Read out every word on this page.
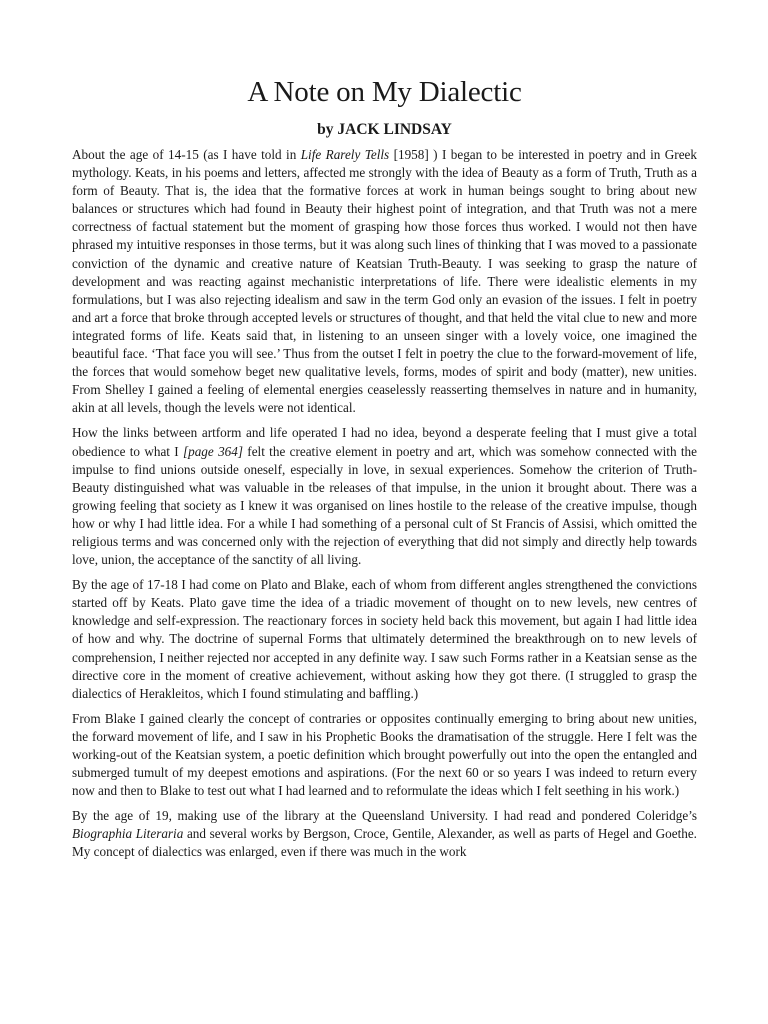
A Note on My Dialectic
by JACK LINDSAY

About the age of 14-15 (as I have told in Life Rarely Tells [1958] ) I began to be interested in poetry and in Greek mythology. Keats, in his poems and letters, affected me strongly with the idea of Beauty as a form of Truth, Truth as a form of Beauty. That is, the idea that the formative forces at work in human beings sought to bring about new balances or structures which had found in Beauty their highest point of integration, and that Truth was not a mere correctness of factual statement but the moment of grasping how those forces thus worked. I would not then have phrased my intuitive responses in those terms, but it was along such lines of thinking that I was moved to a passionate conviction of the dynamic and creative nature of Keatsian Truth-Beauty. I was seeking to grasp the nature of development and was reacting against mechanistic interpretations of life. There were idealistic elements in my formulations, but I was also rejecting idealism and saw in the term God only an evasion of the issues. I felt in poetry and art a force that broke through accepted levels or structures of thought, and that held the vital clue to new and more integrated forms of life. Keats said that, in listening to an unseen singer with a lovely voice, one imagined the beautiful face. ‘That face you will see.’ Thus from the outset I felt in poetry the clue to the forward-movement of life, the forces that would somehow beget new qualitative levels, forms, modes of spirit and body (matter), new unities. From Shelley I gained a feeling of elemental energies ceaselessly reasserting themselves in nature and in humanity, akin at all levels, though the levels were not identical.

How the links between artform and life operated I had no idea, beyond a desperate feeling that I must give a total obedience to what I [page 364] felt the creative element in poetry and art, which was somehow connected with the impulse to find unions outside oneself, especially in love, in sexual experiences. Somehow the criterion of Truth-Beauty distinguished what was valuable in tbe releases of that impulse, in the union it brought about. There was a growing feeling that society as I knew it was organised on lines hostile to the release of the creative impulse, though how or why I had little idea. For a while I had something of a personal cult of St Francis of Assisi, which omitted the religious terms and was concerned only with the rejection of everything that did not simply and directly help towards love, union, the acceptance of the sanctity of all living.

By the age of 17-18 I had come on Plato and Blake, each of whom from different angles strengthened the convictions started off by Keats. Plato gave time the idea of a triadic movement of thought on to new levels, new centres of knowledge and self-expression. The reactionary forces in society held back this movement, but again I had little idea of how and why. The doctrine of supernal Forms that ultimately determined the breakthrough on to new levels of comprehension, I neither rejected nor accepted in any definite way. I saw such Forms rather in a Keatsian sense as the directive core in the moment of creative achievement, without asking how they got there. (I struggled to grasp the dialectics of Herakleitos, which I found stimulating and baffling.)

From Blake I gained clearly the concept of contraries or opposites continually emerging to bring about new unities, the forward movement of life, and I saw in his Prophetic Books the dramatisation of the struggle. Here I felt was the working-out of the Keatsian system, a poetic definition which brought powerfully out into the open the entangled and submerged tumult of my deepest emotions and aspirations. (For the next 60 or so years I was indeed to return every now and then to Blake to test out what I had learned and to reformulate the ideas which I felt seething in his work.)

By the age of 19, making use of the library at the Queensland University. I had read and pondered Coleridge’s Biographia Literaria and several works by Bergson, Croce, Gentile, Alexander, as well as parts of Hegel and Goethe. My concept of dialectics was enlarged, even if there was much in the work
